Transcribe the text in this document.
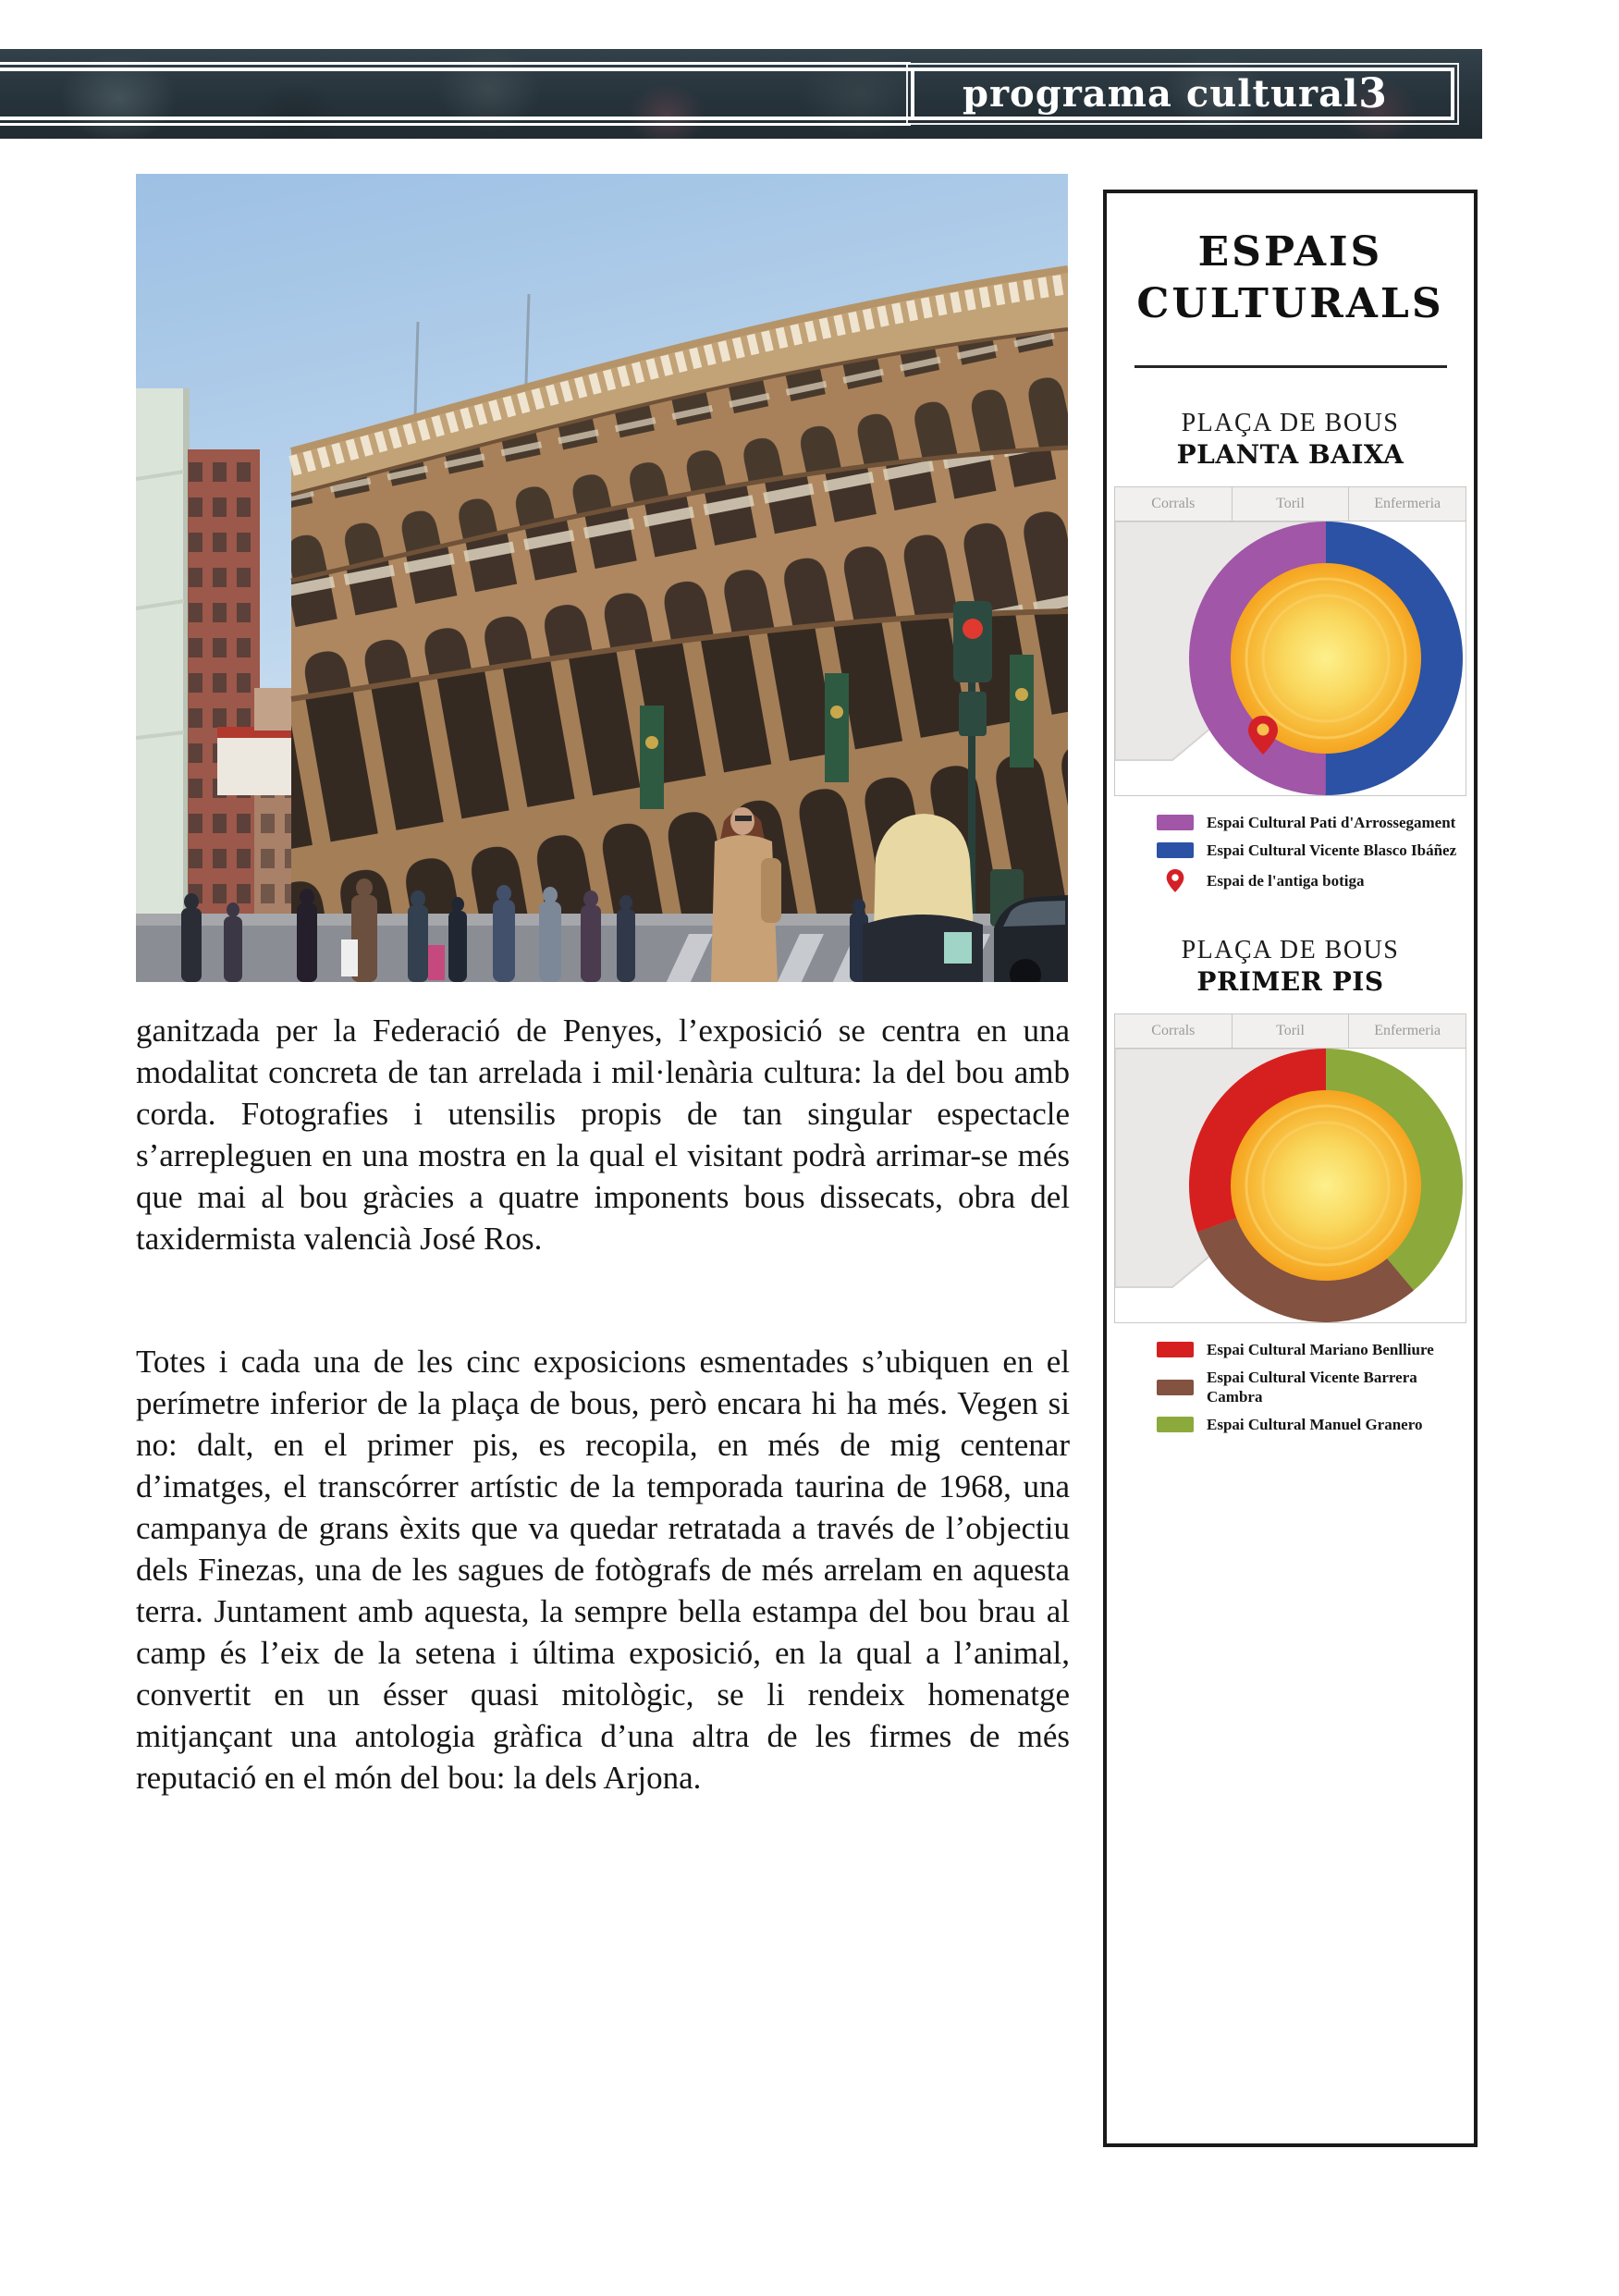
programa cultural 3
ESPAIS
CULTURALS
PLAÇA DE BOUS
PLANTA BAIXA
Corrals	Toril	Enfermeria
Espai Cultural Pati d'Arrossegament
Espai Cultural Vicente Blasco Ibáñez
Espai de l'antiga botiga
PLAÇA DE BOUS
PRIMER PIS
Corrals	Toril	Enfermeria
Espai Cultural Mariano Benlliure
Espai Cultural Vicente Barrera Cambra
Espai Cultural Manuel Granero

ganitzada per la Federació de Penyes, l’exposició se centra en una modalitat concreta de tan arrelada i mil·lenària cultura: la del bou amb corda. Fotografies i utensilis propis de tan singular espectacle s’arrepleguen en una mostra en la qual el visitant podrà arrimar-se més que mai al bou gràcies a quatre imponents bous dissecats, obra del taxidermista valencià José Ros.

Totes i cada una de les cinc exposicions esmentades s’ubiquen en el perímetre inferior de la plaça de bous, però encara hi ha més. Vegen si no: dalt, en el primer pis, es recopila, en més de mig centenar d’imatges, el transcórrer artístic de la temporada taurina de 1968, una campanya de grans èxits que va quedar retratada a través de l’objectiu dels Finezas, una de les sagues de fotògrafs de més arrelam en aquesta terra. Juntament amb aquesta, la sempre bella estampa del bou brau al camp és l’eix de la setena i última exposició, en la qual a l’animal, convertit en un ésser quasi mitològic, se li rendeix homenatge mitjançant una antologia gràfica d’una altra de les firmes de més reputació en el món del bou: la dels Arjona.
